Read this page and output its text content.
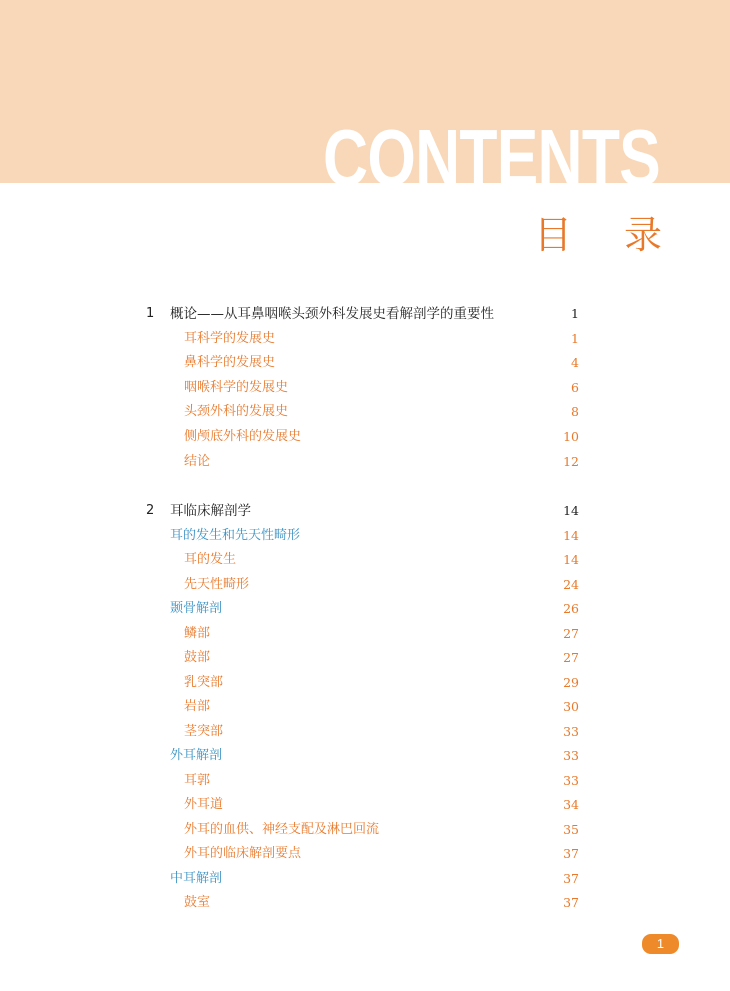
CONTENTS
目录
1 概论——从耳鼻咽喉头颈外科发展史看解剖学的重要性	1
耳科学的发展史	1
鼻科学的发展史	4
咽喉科学的发展史	6
头颈外科的发展史	8
侧颅底外科的发展史	10
结论	12
2 耳临床解剖学	14
耳的发生和先天性畸形	14
耳的发生	14
先天性畸形	24
颞骨解剖	26
鳞部	27
鼓部	27
乳突部	29
岩部	30
茎突部	33
外耳解剖	33
耳郭	33
外耳道	34
外耳的血供、神经支配及淋巴回流	35
外耳的临床解剖要点	37
中耳解剖	37
鼓室	37
1
